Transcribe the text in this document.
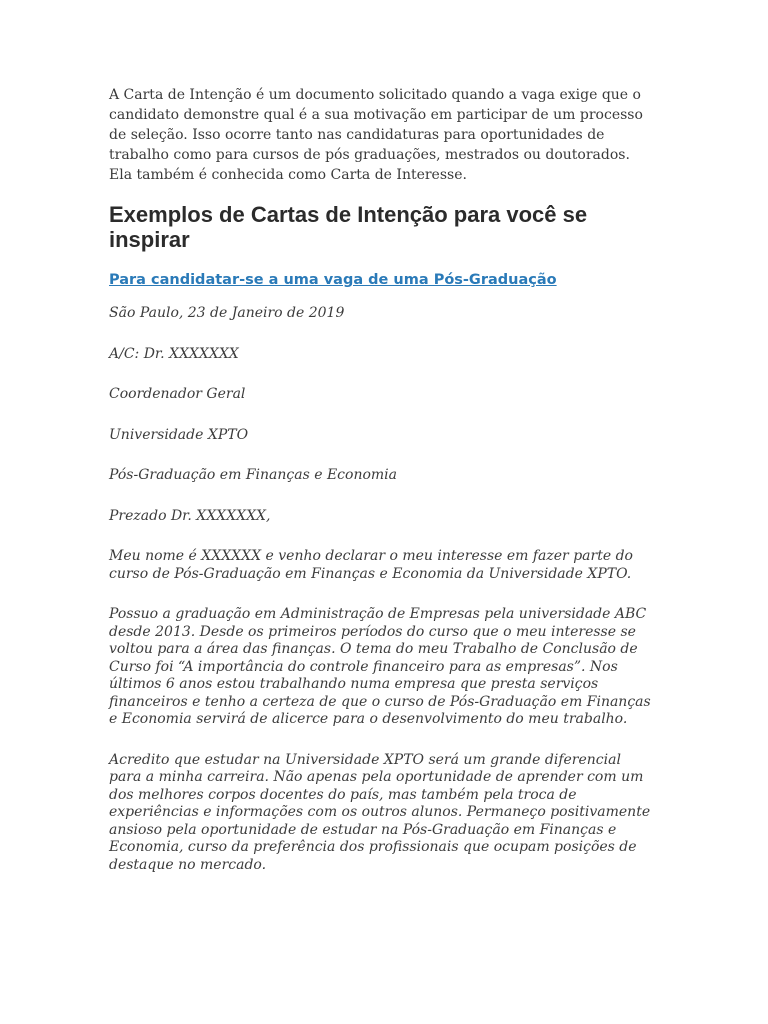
A Carta de Intenção é um documento solicitado quando a vaga exige que o candidato demonstre qual é a sua motivação em participar de um processo de seleção. Isso ocorre tanto nas candidaturas para oportunidades de trabalho como para cursos de pós graduações, mestrados ou doutorados. Ela também é conhecida como Carta de Interesse.

Exemplos de Cartas de Intenção para você se inspirar
Para candidatar-se a uma vaga de uma Pós-Graduação

São Paulo, 23 de Janeiro de 2019

A/C: Dr. XXXXXXX

Coordenador Geral

Universidade XPTO

Pós-Graduação em Finanças e Economia

Prezado Dr. XXXXXXX,

Meu nome é XXXXXX e venho declarar o meu interesse em fazer parte do curso de Pós-Graduação em Finanças e Economia da Universidade XPTO.

Possuo a graduação em Administração de Empresas pela universidade ABC desde 2013. Desde os primeiros períodos do curso que o meu interesse se voltou para a área das finanças. O tema do meu Trabalho de Conclusão de Curso foi “A importância do controle financeiro para as empresas”. Nos últimos 6 anos estou trabalhando numa empresa que presta serviços financeiros e tenho a certeza de que o curso de Pós-Graduação em Finanças e Economia servirá de alicerce para o desenvolvimento do meu trabalho.

Acredito que estudar na Universidade XPTO será um grande diferencial para a minha carreira. Não apenas pela oportunidade de aprender com um dos melhores corpos docentes do país, mas também pela troca de experiências e informações com os outros alunos. Permaneço positivamente ansioso pela oportunidade de estudar na Pós-Graduação em Finanças e Economia, curso da preferência dos profissionais que ocupam posições de destaque no mercado.
